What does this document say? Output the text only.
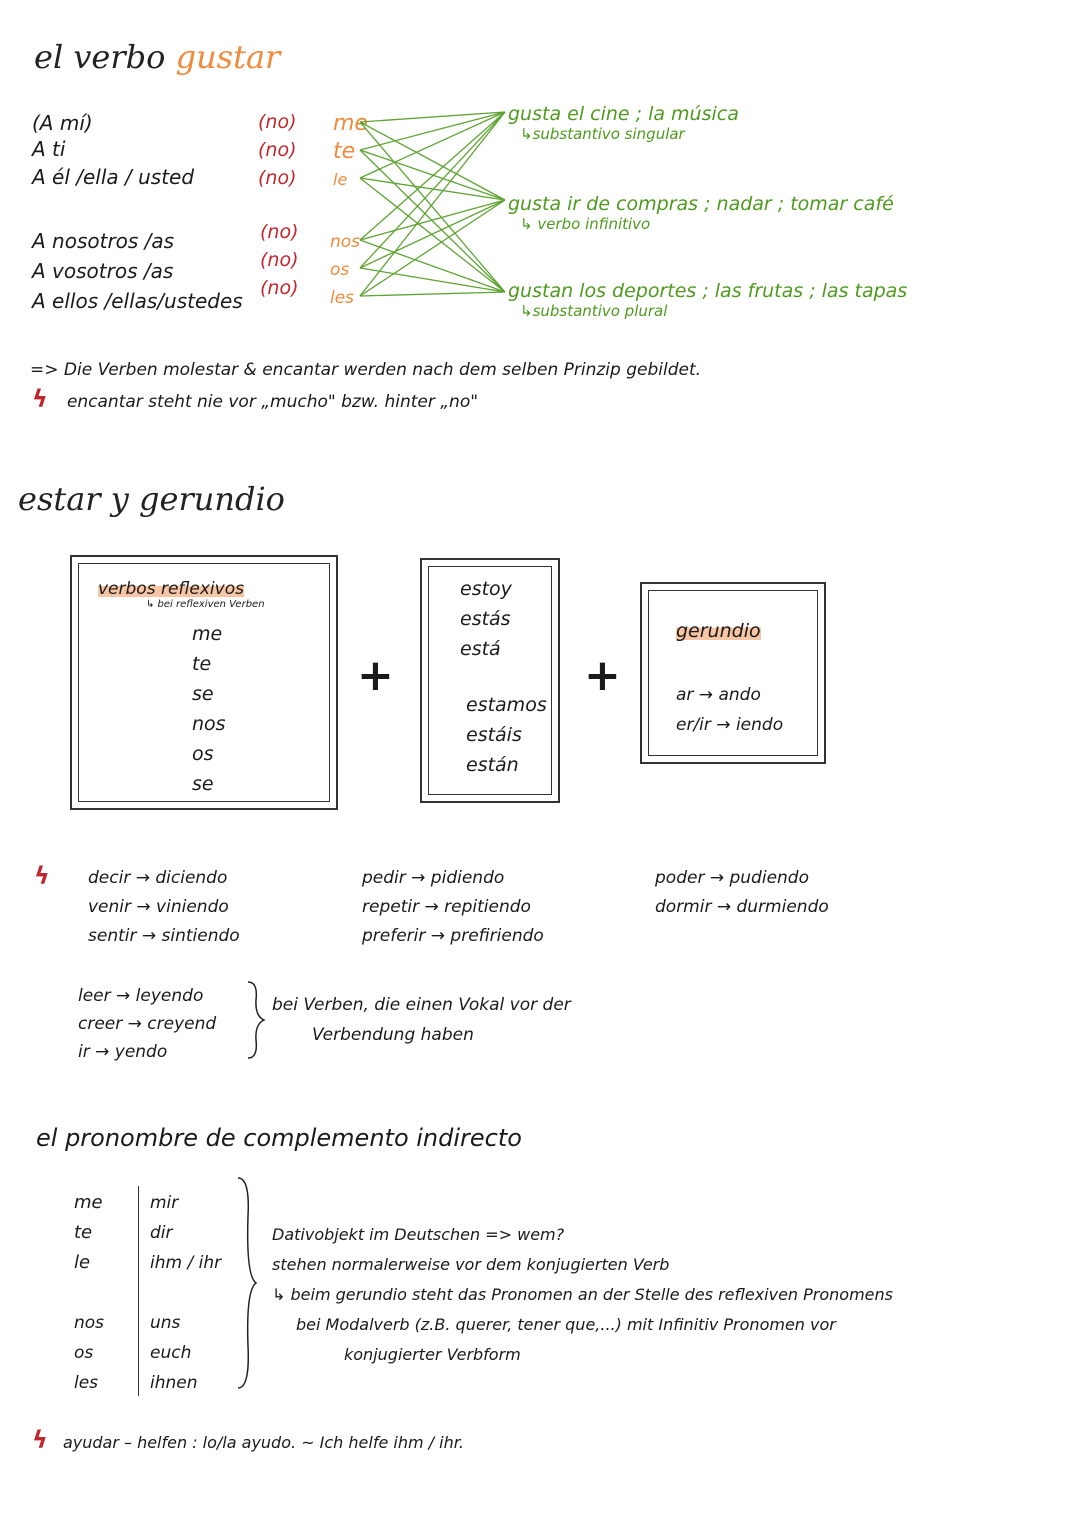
el verbo gustar
(A mí)
A ti
A él /ella / usted
A nosotros /as
A vosotros /as
A ellos /ellas/ustedes
(no)
(no)
(no)
(no)
(no)
(no)
me
te
le
nos
os
les
gusta el cine ; la música
↳substantivo singular
gusta ir de compras ; nadar ; tomar café
↳ verbo infinitivo
gustan los deportes ; las frutas ; las tapas
↳substantivo plural
=> Die Verben molestar & encantar werden nach dem selben Prinzip gebildet.
ϟ encantar steht nie vor „mucho" bzw. hinter „no"
estar y gerundio
verbos reflexivos
↳ bei reflexiven Verben
me
te
se
nos
os
se
+
estoy
estás
está
estamos
estáis
están
+
gerundio
ar → ando
er/ir → iendo
ϟ decir → diciendo
venir → viniendo
sentir → sintiendo
pedir → pidiendo
repetir → repitiendo
preferir → prefiriendo
poder → pudiendo
dormir → durmiendo
leer → leyendo
creer → creyend
ir → yendo
bei Verben, die einen Vokal vor der
Verbendung haben
el pronombre de complemento indirecto
me
te
le
nos
os
les
mir
dir
ihm / ihr
uns
euch
ihnen
Dativobjekt im Deutschen => wem?
stehen normalerweise vor dem konjugierten Verb
↳ beim gerundio steht das Pronomen an der Stelle des reflexiven Pronomens
bei Modalverb (z.B. querer, tener que,...) mit Infinitiv Pronomen vor
konjugierter Verbform
ϟ ayudar – helfen : lo/la ayudo. ~ Ich helfe ihm / ihr.
